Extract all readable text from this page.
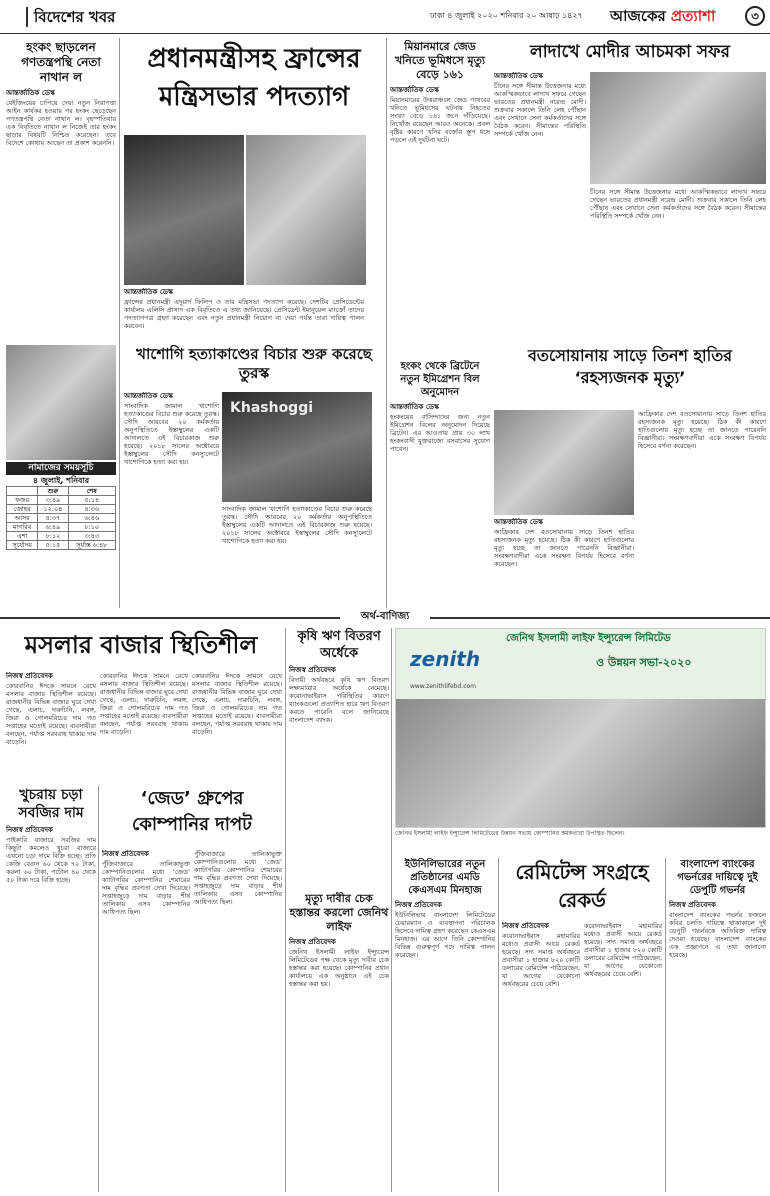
বিদেশের খবর	ঢাকা ৪ জুলাই ২০২০ শনিবার ২০ আষাঢ় ১৪২৭ আজকের প্রত্যাশা	৩
হংকং ছাড়লেন গণতন্ত্রপন্থি নেতা নাথান ল
আন্তর্জাতিক ডেস্ক
বেইজিংয়ের চাপিয়ে দেয়া নতুন নিরাপত্তা আইন কার্যকর হওয়ার পর হংকং ছেড়েছেন গণতন্ত্রপন্থি নেতা নাথান ল। বৃহস্পতিবার এক বিবৃতিতে নাথান ল নিজেই তার হংকং ছাড়ার বিষয়টি নিশ্চিত করেছেন। তবে বিদেশে কোথায় আছেন তা প্রকাশ করেননি।
নামাজের সময়সূচি
৪ জুলাই, শনিবার
	শুরু	শেষ
ফজর	৩:৪৯	৫:১৪
জোহর	১২:০৪	৪:৩৬
আসর	৪:৩৭	৬:৪৬
মাগরিব	৬:৪৯	৮:১০
এশা	৮:১২	৩:৪৩
সূর্যোদয়	৫:১৫	সূর্যাস্ত ৬:৪৮
প্রধানমন্ত্রীসহ ফ্রান্সের মন্ত্রিসভার পদত্যাগ
আন্তর্জাতিক ডেস্ক
ফ্রান্সের প্রধানমন্ত্রী এদুয়ার্দ ফিলিপ ও তার মন্ত্রিসভা পদত্যাগ করেছে। দেশটির প্রেসিডেন্টের কার্যালয় এলিসি প্রাসাদ এক বিবৃতিতে এ তথ্য জানিয়েছে। প্রেসিডেন্ট ইমানুয়েল ম্যাক্রোঁ তাদের পদত্যাগপত্র গ্রহণ করেছেন এবং নতুন প্রধানমন্ত্রী নিয়োগ না দেয়া পর্যন্ত তারা দায়িত্ব পালন করবেন।
খাশোগি হত্যাকাণ্ডের বিচার শুরু করেছে তুরস্ক
আন্তর্জাতিক ডেস্ক
সাংবাদিক জামাল খাশোগি হত্যাকাণ্ডের বিচার শুরু করেছে তুরস্ক। সৌদি আরবের ২০ কর্মকর্তার অনুপস্থিতিতে ইস্তাম্বুলের একটি আদালতে এই বিচারকাজ শুরু হয়েছে। ২০১৮ সালের অক্টোবরে ইস্তাম্বুলের সৌদি কনস্যুলেটে খাশোগিকে হত্যা করা হয়।
Khashoggi
সাংবাদিক জামাল খাশোগি হত্যাকাণ্ডের বিচার শুরু করেছে তুরস্ক। সৌদি আরবের ২০ কর্মকর্তার অনুপস্থিতিতে ইস্তাম্বুলের একটি আদালতে এই বিচারকাজ শুরু হয়েছে। ২০১৮ সালের অক্টোবরে ইস্তাম্বুলের সৌদি কনস্যুলেটে খাশোগিকে হত্যা করা হয়।
মিয়ানমারে জেড খনিতে ভূমিধসে মৃত্যু বেড়ে ১৬১
আন্তর্জাতিক ডেস্ক
মিয়ানমারের উত্তরাঞ্চলে জেড পাথরের খনিতে ভূমিধসের ঘটনায় নিহতের সংখ্যা বেড়ে ১৬১ জনে দাঁড়িয়েছে। নিখোঁজ রয়েছেন আরও অনেকে। প্রবল বৃষ্টির কারণে খনির বর্জ্যের স্তূপ ধসে পড়লে এই দুর্ঘটনা ঘটে।
হংকং থেকে ব্রিটেনে নতুন ইমিগ্রেশন বিল অনুমোদন
আন্তর্জাতিক ডেস্ক
হংকংয়ের বাসিন্দাদের জন্য নতুন ইমিগ্রেশন বিলের অনুমোদন দিয়েছে ব্রিটেন। এর আওতায় প্রায় ৩০ লাখ হংকংবাসী যুক্তরাজ্যে বসবাসের সুযোগ পাবেন।
লাদাখে মোদীর আচমকা সফর
আন্তর্জাতিক ডেস্ক
চীনের সঙ্গে সীমান্ত উত্তেজনার মধ্যে আকস্মিকভাবে লাদাখ সফরে গেছেন ভারতের প্রধানমন্ত্রী নরেন্দ্র মোদী। শুক্রবার সকালে তিনি লেহ পৌঁছান এবং সেখানে সেনা কর্মকর্তাদের সঙ্গে বৈঠক করেন। সীমান্তের পরিস্থিতি সম্পর্কে খোঁজ নেন।
চীনের সঙ্গে সীমান্ত উত্তেজনার মধ্যে আকস্মিকভাবে লাদাখ সফরে গেছেন ভারতের প্রধানমন্ত্রী নরেন্দ্র মোদী। শুক্রবার সকালে তিনি লেহ পৌঁছান এবং সেখানে সেনা কর্মকর্তাদের সঙ্গে বৈঠক করেন। সীমান্তের পরিস্থিতি সম্পর্কে খোঁজ নেন।
বতসোয়ানায় সাড়ে তিনশ হাতির ‘রহস্যজনক মৃত্যু’
আন্তর্জাতিক ডেস্ক
আফ্রিকার দেশ বতসোয়ানায় সাড়ে তিনশ হাতির রহস্যজনক মৃত্যু হয়েছে। ঠিক কী কারণে হাতিগুলোর মৃত্যু হচ্ছে তা জানতে পারেননি বিজ্ঞানীরা। সংরক্ষণবাদীরা একে সংরক্ষণ বিপর্যয় হিসেবে বর্ণনা করেছেন।
আফ্রিকার দেশ বতসোয়ানায় সাড়ে তিনশ হাতির রহস্যজনক মৃত্যু হয়েছে। ঠিক কী কারণে হাতিগুলোর মৃত্যু হচ্ছে তা জানতে পারেননি বিজ্ঞানীরা। সংরক্ষণবাদীরা একে সংরক্ষণ বিপর্যয় হিসেবে বর্ণনা করেছেন।
অর্থ-বাণিজ্য
মসলার বাজার স্থিতিশীল
নিজস্ব প্রতিবেদক
কোরবানির ঈদকে সামনে রেখে মসলার বাজার স্থিতিশীল রয়েছে। রাজধানীর বিভিন্ন বাজার ঘুরে দেখা গেছে, এলাচ, দারুচিনি, লবঙ্গ, জিরা ও গোলমরিচের দাম গত সপ্তাহের মতোই রয়েছে। ব্যবসায়ীরা বলছেন, পর্যাপ্ত সরবরাহ থাকায় দাম বাড়েনি।
কোরবানির ঈদকে সামনে রেখে মসলার বাজার স্থিতিশীল রয়েছে। রাজধানীর বিভিন্ন বাজার ঘুরে দেখা গেছে, এলাচ, দারুচিনি, লবঙ্গ, জিরা ও গোলমরিচের দাম গত সপ্তাহের মতোই রয়েছে। ব্যবসায়ীরা বলছেন, পর্যাপ্ত সরবরাহ থাকায় দাম বাড়েনি।
কোরবানির ঈদকে সামনে রেখে মসলার বাজার স্থিতিশীল রয়েছে। রাজধানীর বিভিন্ন বাজার ঘুরে দেখা গেছে, এলাচ, দারুচিনি, লবঙ্গ, জিরা ও গোলমরিচের দাম গত সপ্তাহের মতোই রয়েছে। ব্যবসায়ীরা বলছেন, পর্যাপ্ত সরবরাহ থাকায় দাম বাড়েনি।
খুচরায় চড়া সবজির দাম
নিজস্ব প্রতিবেদক
পাইকারি বাজারে সবজির দাম কিছুটা কমলেও খুচরা বাজারে এখনো চড়া দামে বিক্রি হচ্ছে। প্রতি কেজি বেগুন ৬০ থেকে ৭০ টাকা, করলা ৬০ টাকা, পটোল ৪০ থেকে ৫০ টাকা দরে বিক্রি হচ্ছে।
‘জেড’ গ্রুপের কোম্পানির দাপট
নিজস্ব প্রতিবেদক
পুঁজিবাজারে তালিকাভুক্ত কোম্পানিগুলোর মধ্যে ‘জেড’ ক্যাটাগরির কোম্পানির শেয়ারের দাম বৃদ্ধির প্রবণতা দেখা দিয়েছে। সপ্তাহজুড়ে দাম বাড়ার শীর্ষ তালিকায় এসব কোম্পানির আধিপত্য ছিল।
পুঁজিবাজারে তালিকাভুক্ত কোম্পানিগুলোর মধ্যে ‘জেড’ ক্যাটাগরির কোম্পানির শেয়ারের দাম বৃদ্ধির প্রবণতা দেখা দিয়েছে। সপ্তাহজুড়ে দাম বাড়ার শীর্ষ তালিকায় এসব কোম্পানির আধিপত্য ছিল।
কৃষি ঋণ বিতরণ অর্ধেকে
নিজস্ব প্রতিবেদক
বিদায়ী অর্থবছরে কৃষি ঋণ বিতরণ লক্ষ্যমাত্রার অর্ধেকে নেমেছে। করোনাভাইরাস পরিস্থিতির কারণে ব্যাংকগুলো প্রত্যাশিত হারে ঋণ বিতরণ করতে পারেনি বলে জানিয়েছে বাংলাদেশ ব্যাংক।
মৃত্যু দাবীর চেক হস্তান্তর করলো জেনিথ লাইফ
নিজস্ব প্রতিবেদক
জেনিথ ইসলামী লাইফ ইন্স্যুরেন্স লিমিটেডের পক্ষ থেকে মৃত্যু দাবীর চেক হস্তান্তর করা হয়েছে। কোম্পানির প্রধান কার্যালয়ে এক অনুষ্ঠানে এই চেক হস্তান্তর করা হয়।
জেনিথ ইসলামী লাইফ ইন্স্যুরেন্স লিমিটেড
ও উন্নয়ন সভা-২০২০
zenith
www.zenithlifebd.com
জেনিথ ইসলামী লাইফ ইন্স্যুরেন্স লিমিটেডের উন্নয়ন সভায় কোম্পানির কর্মকর্তারা উপস্থিত ছিলেন।
ইউনিলিভারের নতুন প্রতিষ্ঠানের এমডি কেএসএম মিনহাজ
নিজস্ব প্রতিবেদক
ইউনিলিভার বাংলাদেশ লিমিটেডের চেয়ারম্যান ও ব্যবস্থাপনা পরিচালক হিসেবে দায়িত্ব গ্রহণ করেছেন কেএসএম মিনহাজ। এর আগে তিনি কোম্পানির বিভিন্ন গুরুত্বপূর্ণ পদে দায়িত্ব পালন করেছেন।
রেমিটেন্স সংগ্রহে রেকর্ড
নিজস্ব প্রতিবেদক
করোনাভাইরাস মহামারির মধ্যেও প্রবাসী আয়ে রেকর্ড হয়েছে। সদ্য সমাপ্ত অর্থবছরে প্রবাসীরা ১ হাজার ৮২০ কোটি ডলারের রেমিটেন্স পাঠিয়েছেন, যা আগের যেকোনো অর্থবছরের চেয়ে বেশি।
করোনাভাইরাস মহামারির মধ্যেও প্রবাসী আয়ে রেকর্ড হয়েছে। সদ্য সমাপ্ত অর্থবছরে প্রবাসীরা ১ হাজার ৮২০ কোটি ডলারের রেমিটেন্স পাঠিয়েছেন, যা আগের যেকোনো অর্থবছরের চেয়ে বেশি।
বাংলাদেশ ব্যাংকের গভর্নরের দায়িত্বে দুই ডেপুটি গভর্নর
নিজস্ব প্রতিবেদক
বাংলাদেশ ব্যাংকের গভর্নর ফজলে কবির চলতি দায়িত্বে থাকাকালে দুই ডেপুটি গভর্নরকে অতিরিক্ত দায়িত্ব দেওয়া হয়েছে। বাংলাদেশ ব্যাংকের এক প্রজ্ঞাপনে এ তথ্য জানানো হয়েছে।
